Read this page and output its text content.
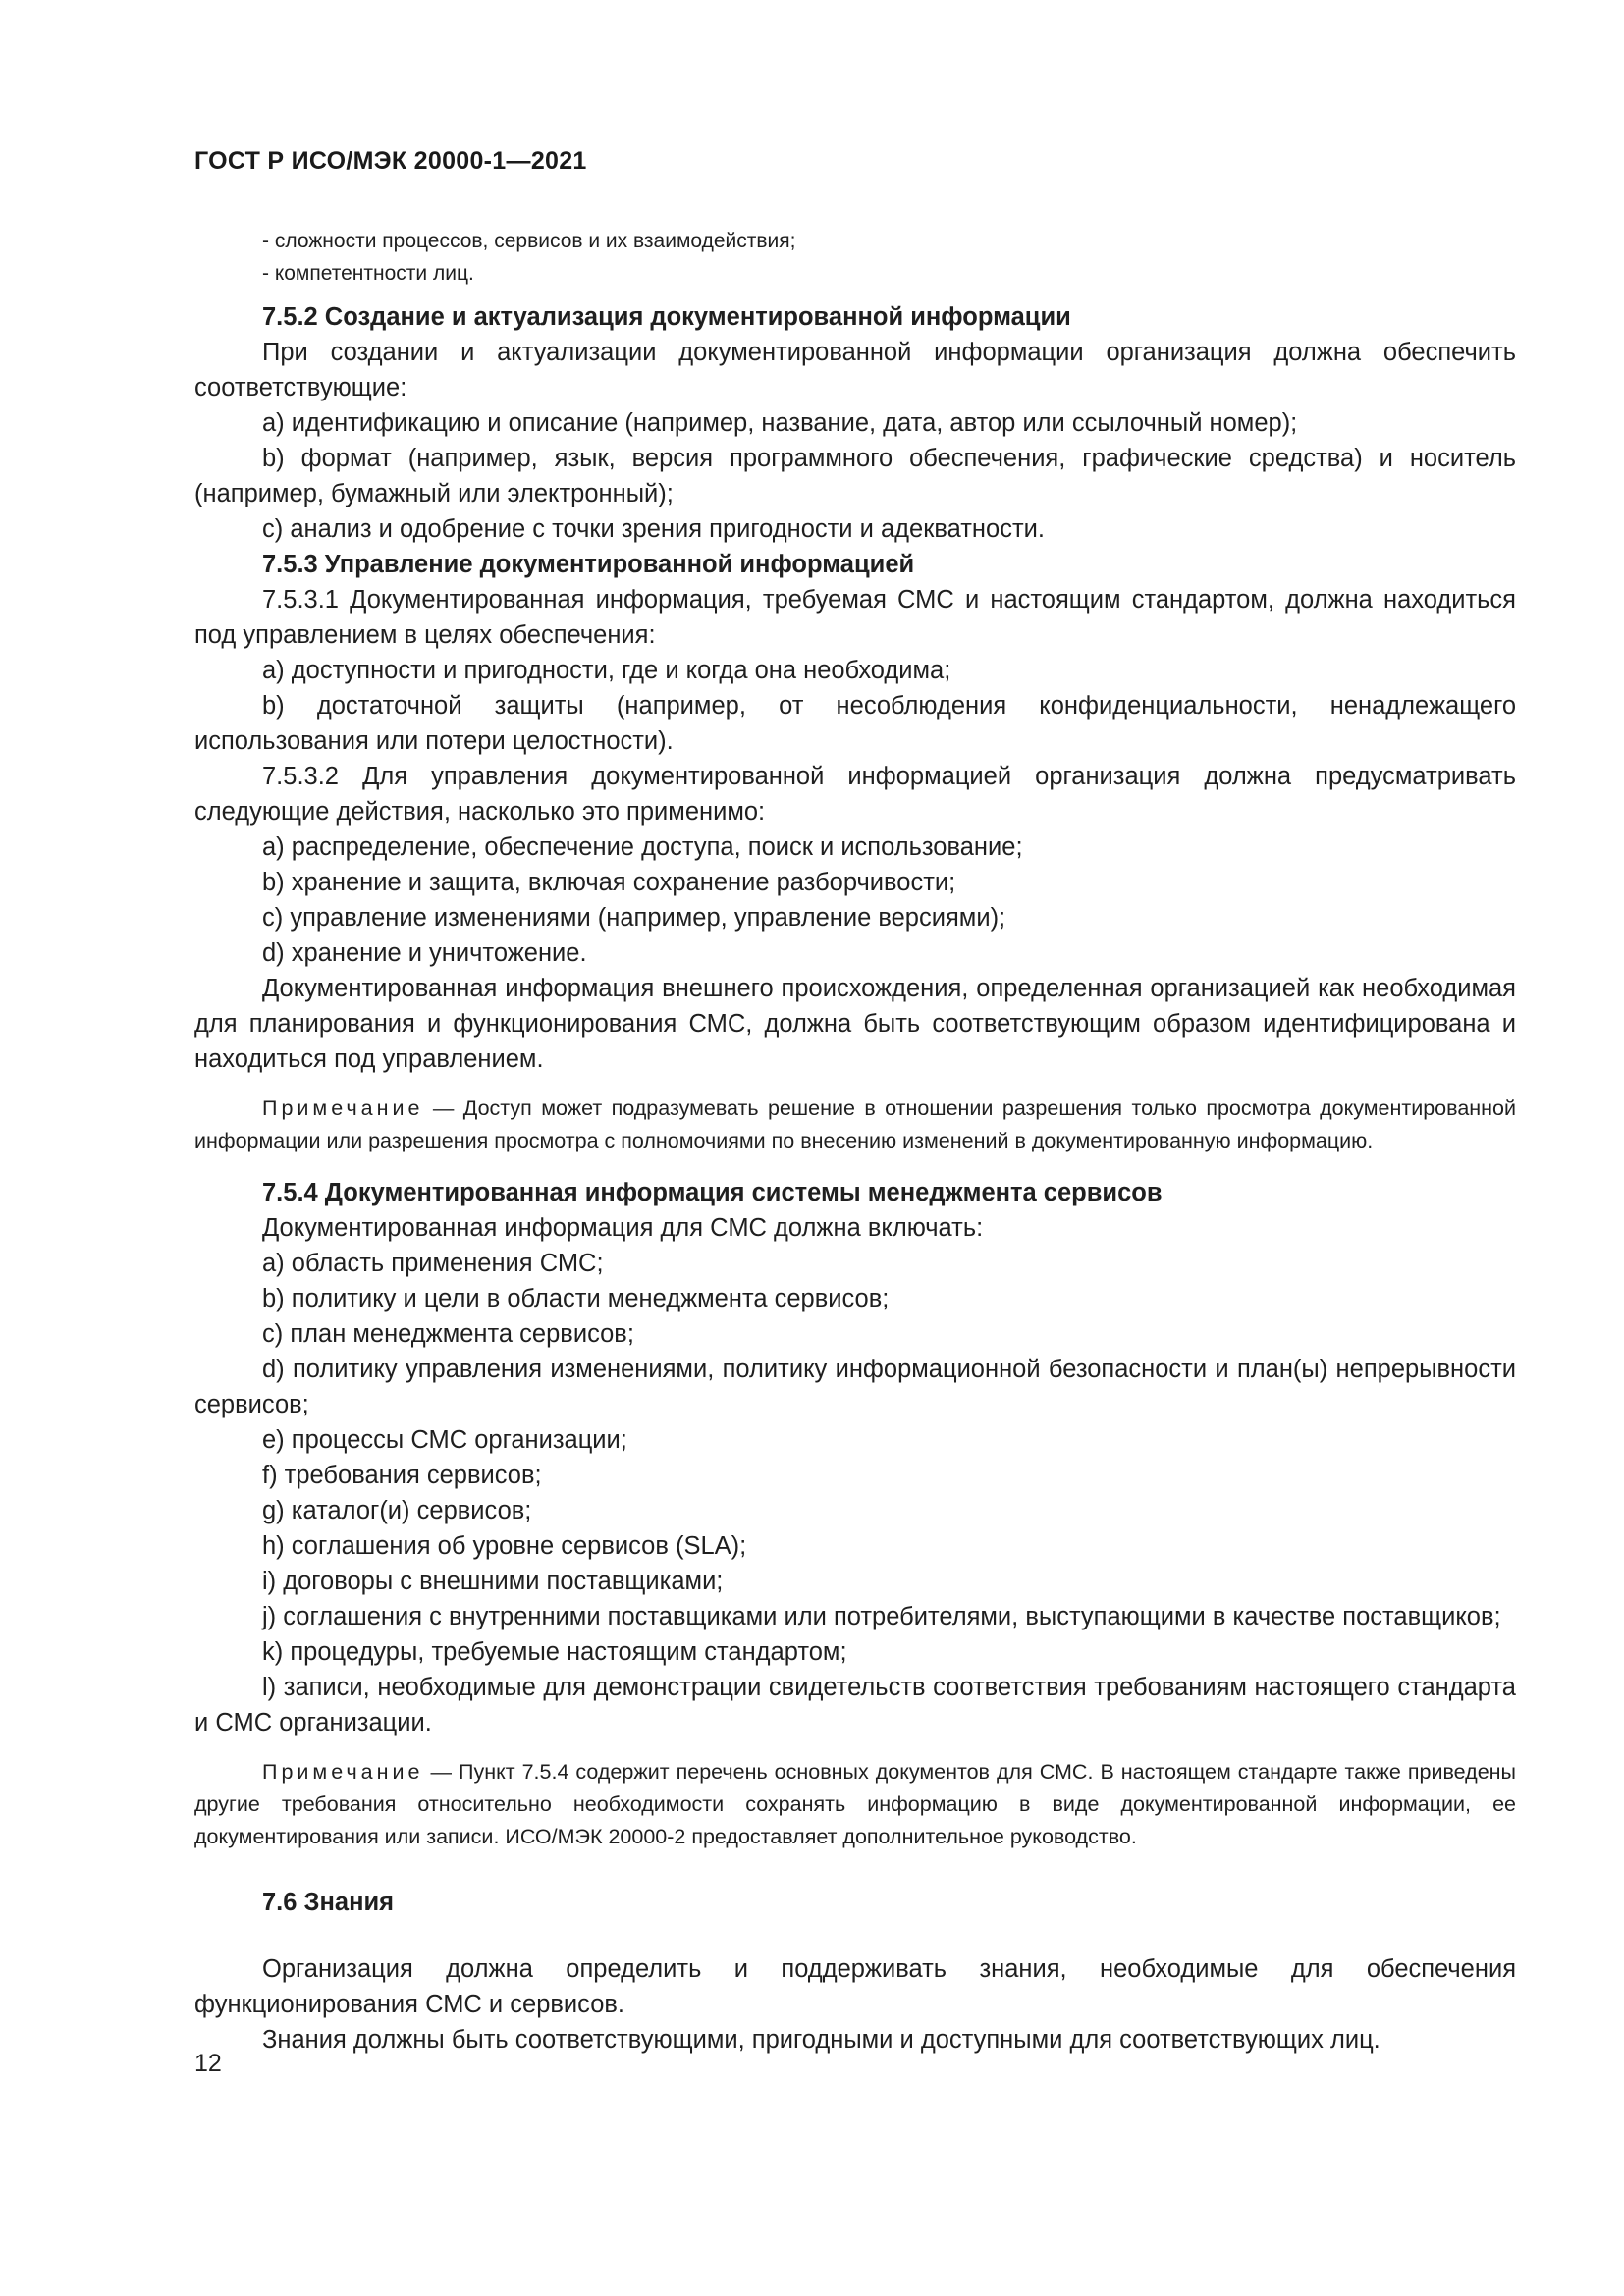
ГОСТ Р ИСО/МЭК 20000-1—2021

- сложности процессов, сервисов и их взаимодействия;

- компетентности лиц.

7.5.2 Создание и актуализация документированной информации

При создании и актуализации документированной информации организация должна обеспечить соответствующие:

a) идентификацию и описание (например, название, дата, автор или ссылочный номер);

b) формат (например, язык, версия программного обеспечения, графические средства) и носитель (например, бумажный или электронный);

c) анализ и одобрение с точки зрения пригодности и адекватности.

7.5.3 Управление документированной информацией

7.5.3.1 Документированная информация, требуемая СМС и настоящим стандартом, должна находиться под управлением в целях обеспечения:

a) доступности и пригодности, где и когда она необходима;

b) достаточной защиты (например, от несоблюдения конфиденциальности, ненадлежащего использования или потери целостности).

7.5.3.2 Для управления документированной информацией организация должна предусматривать следующие действия, насколько это применимо:

a) распределение, обеспечение доступа, поиск и использование;

b) хранение и защита, включая сохранение разборчивости;

c) управление изменениями (например, управление версиями);

d) хранение и уничтожение.

Документированная информация внешнего происхождения, определенная организацией как необходимая для планирования и функционирования СМС, должна быть соответствующим образом идентифицирована и находиться под управлением.

Примечание — Доступ может подразумевать решение в отношении разрешения только просмотра документированной информации или разрешения просмотра с полномочиями по внесению изменений в документированную информацию.

7.5.4 Документированная информация системы менеджмента сервисов

Документированная информация для СМС должна включать:

a) область применения СМС;

b) политику и цели в области менеджмента сервисов;

c) план менеджмента сервисов;

d) политику управления изменениями, политику информационной безопасности и план(ы) непрерывности сервисов;

e) процессы СМС организации;

f) требования сервисов;

g) каталог(и) сервисов;

h) соглашения об уровне сервисов (SLA);

i) договоры с внешними поставщиками;

j) соглашения с внутренними поставщиками или потребителями, выступающими в качестве поставщиков;

k) процедуры, требуемые настоящим стандартом;

l) записи, необходимые для демонстрации свидетельств соответствия требованиям настоящего стандарта и СМС организации.

Примечание — Пункт 7.5.4 содержит перечень основных документов для СМС. В настоящем стандарте также приведены другие требования относительно необходимости сохранять информацию в виде документированной информации, ее документирования или записи. ИСО/МЭК 20000-2 предоставляет дополнительное руководство.

7.6 Знания

Организация должна определить и поддерживать знания, необходимые для обеспечения функционирования СМС и сервисов.

Знания должны быть соответствующими, пригодными и доступными для соответствующих лиц.

12
